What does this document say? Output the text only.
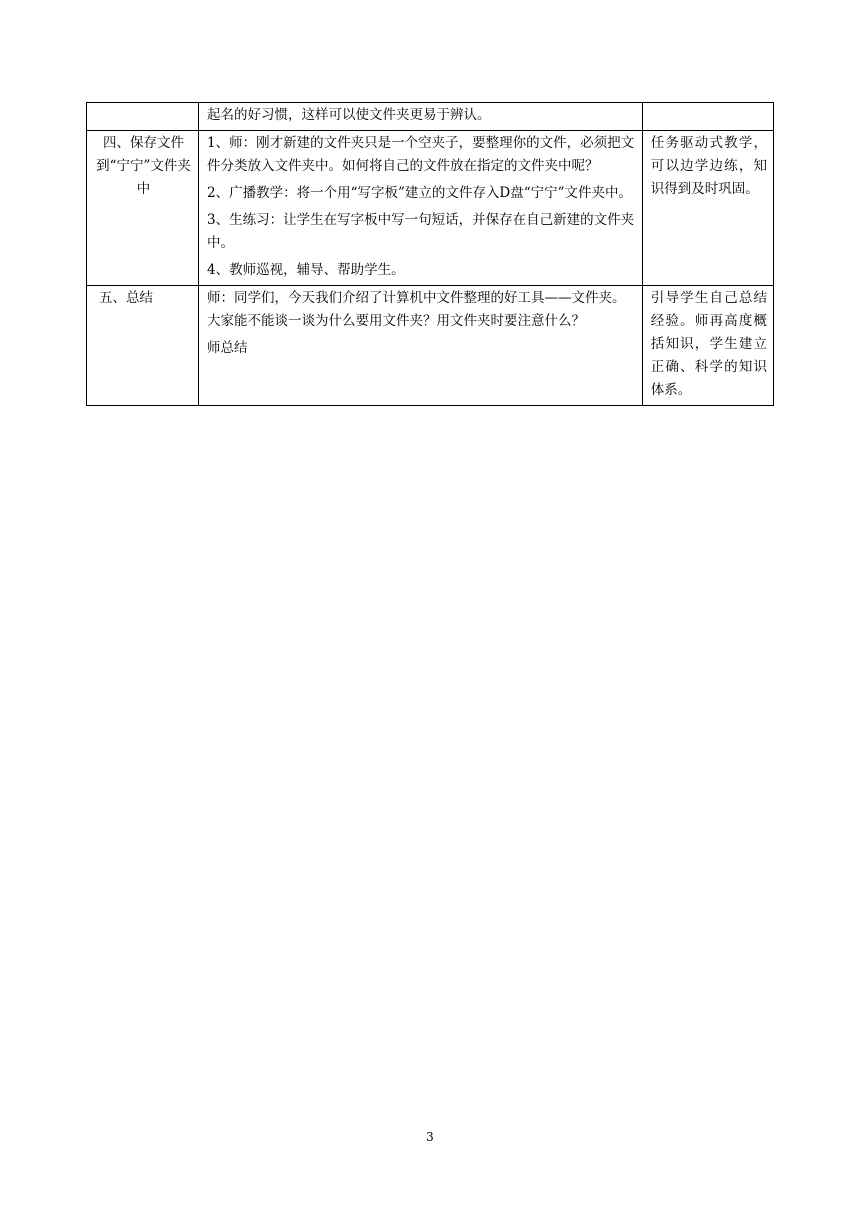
	起名的好习惯，这样可以使文件夹更易于辨认。	

四、保存文件到“宁宁”文件夹中	1、师：刚才新建的文件夹只是一个空夹子，要整理你的文件，必须把文件分类放入文件夹中。如何将自己的文件放在指定的文件夹中呢？
2、广播教学：将一个用“写字板”建立的文件存入D盘“宁宁”文件夹中。
3、生练习：让学生在写字板中写一句短话，并保存在自己新建的文件夹中。
4、教师巡视，辅导、帮助学生。	任务驱动式教学，可以边学边练，知识得到及时巩固。
五、总结	师：同学们，今天我们介绍了计算机中文件整理的好工具——文件夹。大家能不能谈一谈为什么要用文件夹？用文件夹时要注意什么？
师总结	引导学生自己总结经验。师再高度概括知识，学生建立正确、科学的知识体系。
3
